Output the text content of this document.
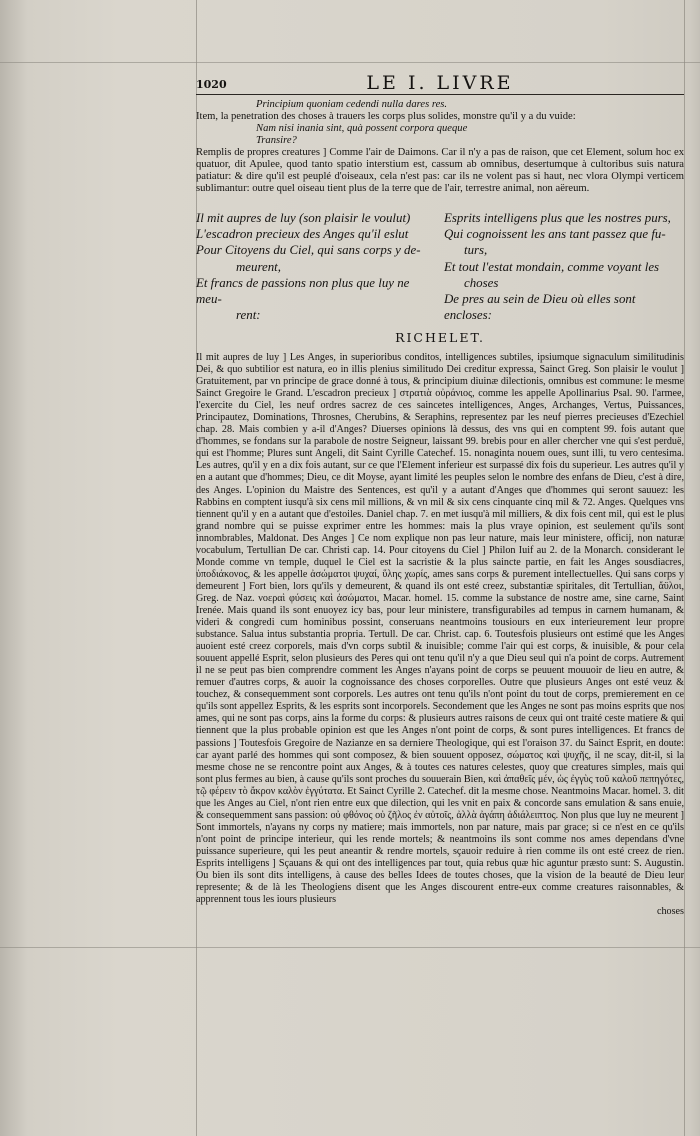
1020	LE I. LIVRE

Principium quoniam cedendi nulla dares res.

Item, la penetration des choses à trauers les corps plus solides, monstre qu'il y a du vuide:

Nam nisi inania sint, quà possent corpora queque

Transire?

Remplis de propres creatures ] Comme l'air de Daimons. Car il n'y a pas de raison, que cet Element, solum hoc ex quatuor, dit Apulee, quod tanto spatio interstium est, cassum ab omnibus, desertumque à cultoribus suis natura patiatur: & dire qu'il est peuplé d'oiseaux, cela n'est pas: car ils ne volent pas si haut, nec vlora Olympi verticem sublimantur: outre quel oiseau tient plus de la terre que de l'air, terrestre animal, non aëreum.

Il mit aupres de luy (son plaisir le voulut)

L'escadron precieux des Anges qu'il eslut

Pour Citoyens du Ciel, qui sans corps y de-

meurent,

Et francs de passions non plus que luy ne meu-

rent:

Esprits intelligens plus que les nostres purs,

Qui cognoissent les ans tant passez que fu-

turs,

Et tout l'estat mondain, comme voyant les

choses

De pres au sein de Dieu où elles sont encloses:

RICHELET.

Il mit aupres de luy ] Les Anges, in superioribus conditos, intelligences subtiles, ipsiumque signaculum similitudinis Dei, & quo subtilior est natura, eo in illis plenius similitudo Dei creditur expressa, Sainct Greg. Son plaisir le voulut ] Gratuitement, par vn principe de grace donné à tous, & principium diuinæ dilectionis, omnibus est commune: le mesme Sainct Gregoire le Grand. L'escadron precieux ] στρατιὰ οὐράνιος, comme les appelle Apollinarius Psal. 90. l'armee, l'exercite du Ciel, les neuf ordres sacrez de ces saincetes intelligences, Anges, Archanges, Vertus, Puissances, Principautez, Dominations, Throsnes, Cherubins, & Seraphins, representez par les neuf pierres precieuses d'Ezechiel chap. 28. Mais combien y a-il d'Anges? Diuerses opinions là dessus, des vns qui en comptent 99. fois autant que d'hommes, se fondans sur la parabole de nostre Seigneur, laissant 99. brebis pour en aller chercher vne qui s'est perduë, qui est l'homme; Plures sunt Angeli, dit Saint Cyrille Catechef. 15. nonaginta nouem oues, sunt illi, tu vero centesima. Les autres, qu'il y en a dix fois autant, sur ce que l'Element inferieur est surpassé dix fois du superieur. Les autres qu'il y en a autant que d'hommes; Dieu, ce dit Moyse, ayant limité les peuples selon le nombre des enfans de Dieu, c'est à dire, des Anges. L'opinion du Maistre des Sentences, est qu'il y a autant d'Anges que d'hommes qui seront sauuez: les Rabbins en comptent iusqu'à six cens mil millions, & vn mil & six cens cinquante cinq mil & 72. Anges. Quelques vns tiennent qu'il y en a autant que d'estoiles. Daniel chap. 7. en met iusqu'à mil milliers, & dix fois cent mil, qui est le plus grand nombre qui se puisse exprimer entre les hommes: mais la plus vraye opinion, est seulement qu'ils sont innombrables, Maldonat. Des Anges ] Ce nom explique non pas leur nature, mais leur ministere, officij, non naturæ vocabulum, Tertullian De car. Christi cap. 14. Pour citoyens du Ciel ] Philon Iuif au 2. de la Monarch. considerant le Monde comme vn temple, duquel le Ciel est la sacristie & la plus saincte partie, en fait les Anges sousdiacres, ὑποδιάκονος, & les appelle ἀσώματοι ψυχαί, ὕλης χωρίς, ames sans corps & purement intellectuelles. Qui sans corps y demeurent ] Fort bien, lors qu'ils y demeurent, & quand ils ont esté creez, substantiæ spiritales, dit Tertullian, ἄϋλοι, Greg. de Naz. νοεραὶ φύσεις καὶ ἀσώματοι, Macar. homel. 15. comme la substance de nostre ame, sine carne, Saint Irenée. Mais quand ils sont enuoyez icy bas, pour leur ministere, transfigurabiles ad tempus in carnem humanam, & videri & congredi cum hominibus possint, conseruans neantmoins tousiours en eux interieurement leur propre substance. Salua intus substantia propria. Tertull. De car. Christ. cap. 6. Toutesfois plusieurs ont estimé que les Anges auoient esté creez corporels, mais d'vn corps subtil & inuisible; comme l'air qui est corps, & inuisible, & pour cela souuent appellé Esprit, selon plusieurs des Peres qui ont tenu qu'il n'y a que Dieu seul qui n'a point de corps. Autrement il ne se peut pas bien comprendre comment les Anges n'ayans point de corps se peuuent mouuoir de lieu en autre, & remuer d'autres corps, & auoir la cognoissance des choses corporelles. Outre que plusieurs Anges ont esté veuz & touchez, & consequemment sont corporels. Les autres ont tenu qu'ils n'ont point du tout de corps, premierement en ce qu'ils sont appellez Esprits, & les esprits sont incorporels. Secondement que les Anges ne sont pas moins esprits que nos ames, qui ne sont pas corps, ains la forme du corps: & plusieurs autres raisons de ceux qui ont traité ceste matiere & qui tiennent que la plus probable opinion est que les Anges n'ont point de corps, & sont pures intelligences. Et francs de passions ] Toutesfois Gregoire de Nazianze en sa derniere Theologique, qui est l'oraison 37. du Sainct Esprit, en doute: car ayant parlé des hommes qui sont composez, & bien souuent opposez, σώματος καὶ ψυχῆς, il ne scay, dit-il, si la mesme chose ne se rencontre point aux Anges, & à toutes ces natures celestes, quoy que creatures simples, mais qui sont plus fermes au bien, à cause qu'ils sont proches du souuerain Bien, καὶ ἀπαθεῖς μέν, ὡς ἐγγὺς τοῦ καλοῦ πεπηγότες, τῷ φέρειν τὸ ἄκρον καλὸν ἐγγύτατα. Et Sainct Cyrille 2. Catechef. dit la mesme chose. Neantmoins Macar. homel. 3. dit que les Anges au Ciel, n'ont rien entre eux que dilection, qui les vnit en paix & concorde sans emulation & sans enuie, & consequemment sans passion: οὐ φθόνος οὐ ζῆλος ἐν αὐτοῖς, ἀλλὰ ἀγάπη ἀδιάλειπτος. Non plus que luy ne meurent ] Sont immortels, n'ayans ny corps ny matiere; mais immortels, non par nature, mais par grace; si ce n'est en ce qu'ils n'ont point de principe interieur, qui les rende mortels; & neantmoins ils sont comme nos ames dependans d'vne puissance superieure, qui les peut aneantir & rendre mortels, sçauoir reduire à rien comme ils ont esté creez de rien. Esprits intelligens ] Sçauans & qui ont des intelligences par tout, quia rebus quæ hic aguntur præsto sunt: S. Augustin. Ou bien ils sont dits intelligens, à cause des belles Idees de toutes choses, que la vision de la beauté de Dieu leur represente; & de là les Theologiens disent que les Anges discourent entre-eux comme creatures raisonnables, & apprennent tous les iours plusieurs

choses
